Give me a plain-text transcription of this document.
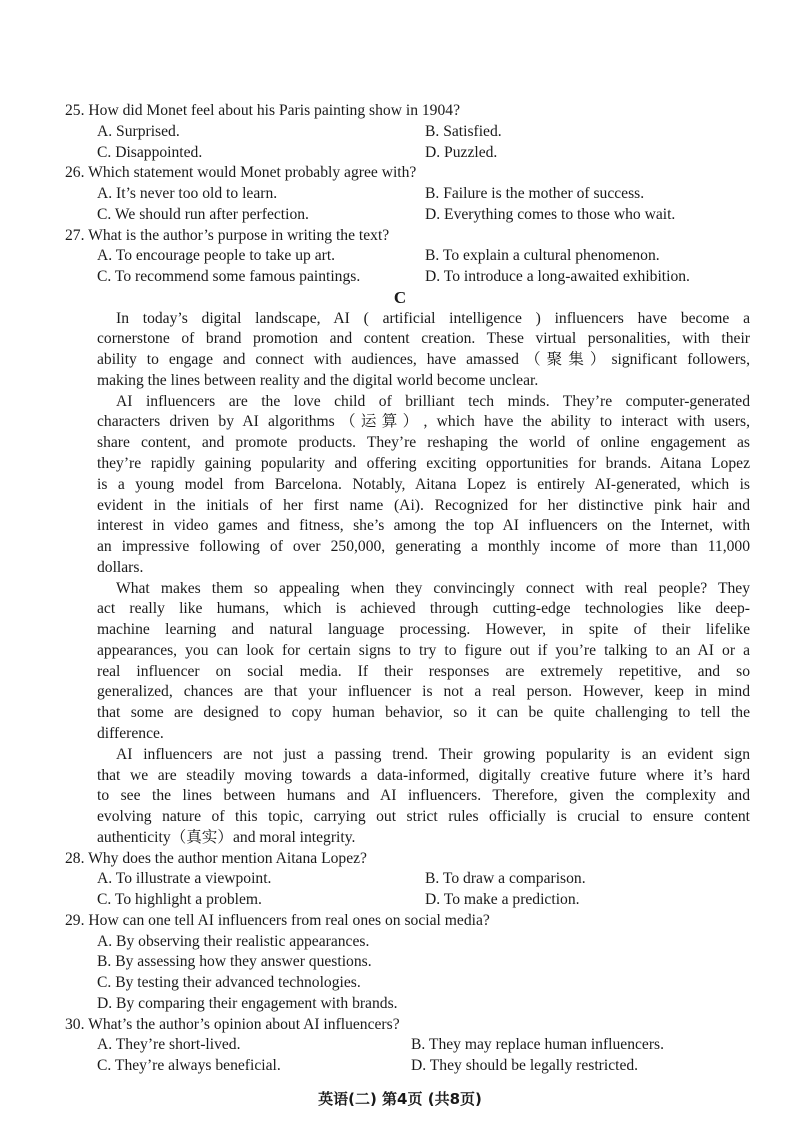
25. How did Monet feel about his Paris painting show in 1904?
A. Surprised.	B. Satisfied.
C. Disappointed.	D. Puzzled.
26. Which statement would Monet probably agree with?
A. It’s never too old to learn.	B. Failure is the mother of success.
C. We should run after perfection.	D. Everything comes to those who wait.
27. What is the author’s purpose in writing the text?
A. To encourage people to take up art.	B. To explain a cultural phenomenon.
C. To recommend some famous paintings.	D. To introduce a long-awaited exhibition.
C
In today’s digital landscape, AI ( artificial intelligence ) influencers have become a
cornerstone of brand promotion and content creation. These virtual personalities, with their
ability to engage and connect with audiences, have amassed（聚集）significant followers,
making the lines between reality and the digital world become unclear.
AI influencers are the love child of brilliant tech minds. They’re computer-generated
characters driven by AI algorithms（运算）, which have the ability to interact with users,
share content, and promote products. They’re reshaping the world of online engagement as
they’re rapidly gaining popularity and offering exciting opportunities for brands. Aitana Lopez
is a young model from Barcelona. Notably, Aitana Lopez is entirely AI-generated, which is
evident in the initials of her first name (Ai). Recognized for her distinctive pink hair and
interest in video games and fitness, she’s among the top AI influencers on the Internet, with
an impressive following of over 250,000, generating a monthly income of more than 11,000
dollars.
What makes them so appealing when they convincingly connect with real people? They
act really like humans, which is achieved through cutting-edge technologies like deep-
machine learning and natural language processing. However, in spite of their lifelike
appearances, you can look for certain signs to try to figure out if you’re talking to an AI or a
real influencer on social media. If their responses are extremely repetitive, and so
generalized, chances are that your influencer is not a real person. However, keep in mind
that some are designed to copy human behavior, so it can be quite challenging to tell the
difference.
AI influencers are not just a passing trend. Their growing popularity is an evident sign
that we are steadily moving towards a data-informed, digitally creative future where it’s hard
to see the lines between humans and AI influencers. Therefore, given the complexity and
evolving nature of this topic, carrying out strict rules officially is crucial to ensure content
authenticity（真实）and moral integrity.
28. Why does the author mention Aitana Lopez?
A. To illustrate a viewpoint.	B. To draw a comparison.
C. To highlight a problem.	D. To make a prediction.
29. How can one tell AI influencers from real ones on social media?
A. By observing their realistic appearances.
B. By assessing how they answer questions.
C. By testing their advanced technologies.
D. By comparing their engagement with brands.
30. What’s the author’s opinion about AI influencers?
A. They’re short-lived.	B. They may replace human influencers.
C. They’re always beneficial.	D. They should be legally restricted.
英语(二) 第4页 (共8页)
